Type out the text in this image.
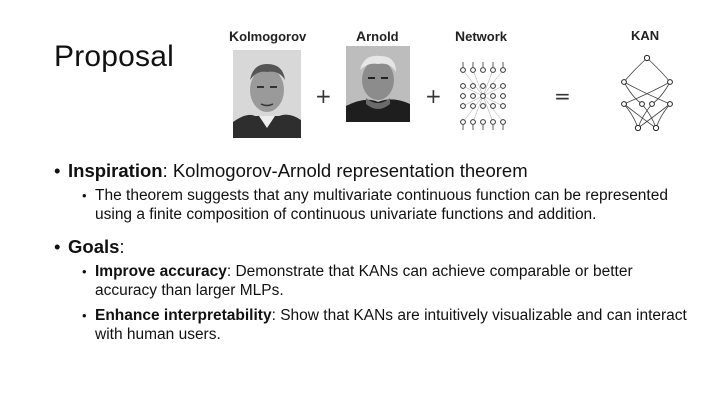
Proposal
Kolmogorov	Arnold	Network	KAN
+	+	=
• Inspiration: Kolmogorov-Arnold representation theorem
• The theorem suggests that any multivariate continuous function can be represented using a finite composition of continuous univariate functions and addition.
• Goals:
• Improve accuracy: Demonstrate that KANs can achieve comparable or better accuracy than larger MLPs.
• Enhance interpretability: Show that KANs are intuitively visualizable and can interact with human users.
